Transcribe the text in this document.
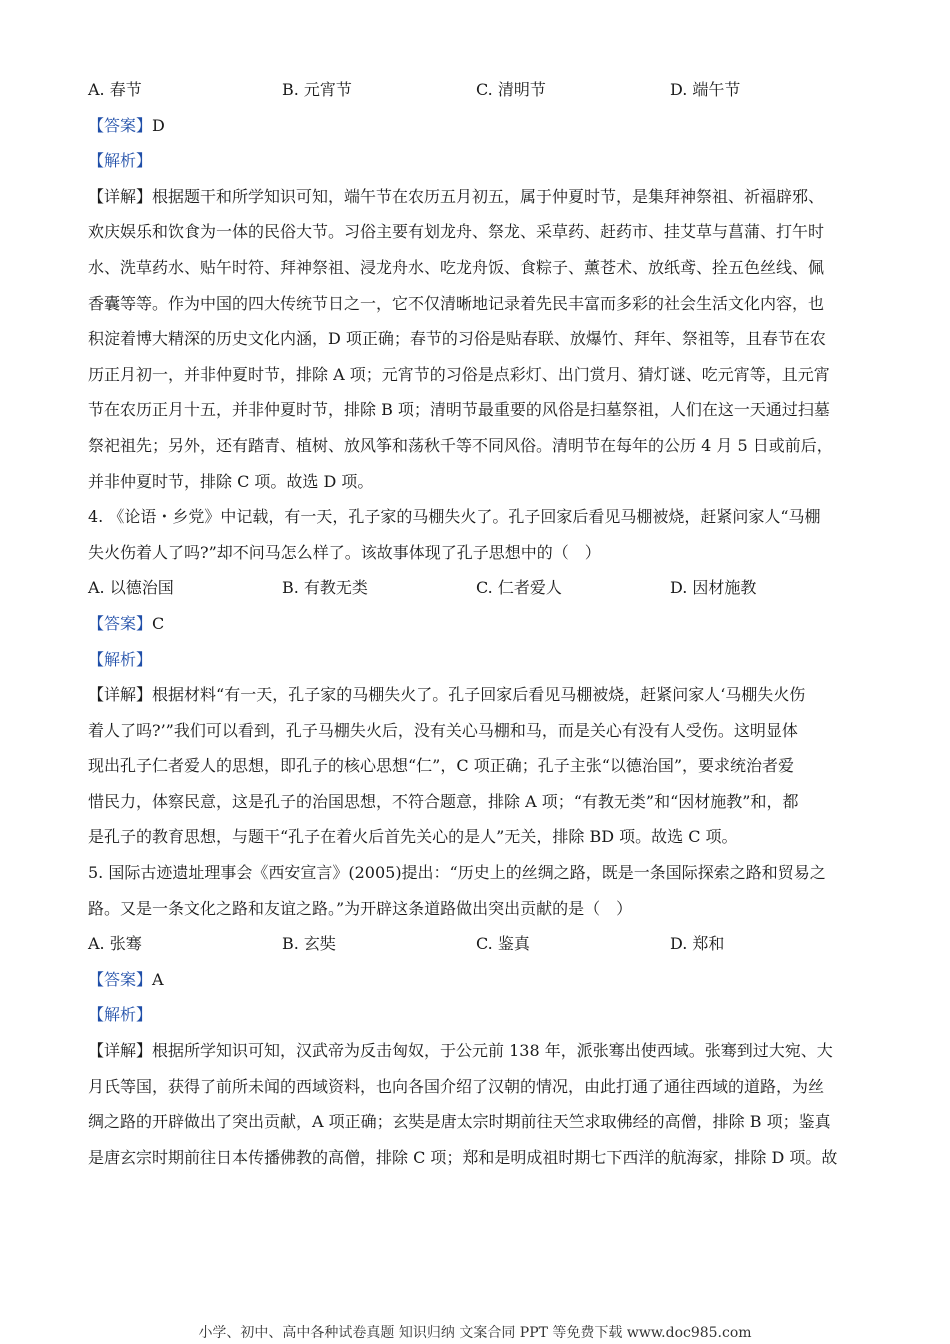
A. 春节	B. 元宵节	C. 清明节	D. 端午节
【答案】D
【解析】
【详解】根据题干和所学知识可知，端午节在农历五月初五，属于仲夏时节，是集拜神祭祖、祈福辟邪、
欢庆娱乐和饮食为一体的民俗大节。习俗主要有划龙舟、祭龙、采草药、赶药市、挂艾草与菖蒲、打午时
水、洗草药水、贴午时符、拜神祭祖、浸龙舟水、吃龙舟饭、食粽子、薰苍术、放纸鸢、拴五色丝线、佩
香囊等等。作为中国的四大传统节日之一，它不仅清晰地记录着先民丰富而多彩的社会生活文化内容，也
积淀着博大精深的历史文化内涵，D 项正确；春节的习俗是贴春联、放爆竹、拜年、祭祖等，且春节在农
历正月初一，并非仲夏时节，排除 A 项；元宵节的习俗是点彩灯、出门赏月、猜灯谜、吃元宵等，且元宵
节在农历正月十五，并非仲夏时节，排除 B 项；清明节最重要的风俗是扫墓祭祖，人们在这一天通过扫墓
祭祀祖先；另外，还有踏青、植树、放风筝和荡秋千等不同风俗。清明节在每年的公历 4 月 5 日或前后，
并非仲夏时节，排除 C 项。故选 D 项。
4. 《论语・乡党》中记载，有一天，孔子家的马棚失火了。孔子回家后看见马棚被烧，赶紧问家人“马棚
失火伤着人了吗?”却不问马怎么样了。该故事体现了孔子思想中的（　）
A. 以德治国	B. 有教无类	C. 仁者爱人	D. 因材施教
【答案】C
【解析】
【详解】根据材料“有一天，孔子家的马棚失火了。孔子回家后看见马棚被烧，赶紧问家人‘马棚失火伤
着人了吗?’”我们可以看到，孔子马棚失火后，没有关心马棚和马，而是关心有没有人受伤。这明显体
现出孔子仁者爱人的思想，即孔子的核心思想“仁”，C 项正确；孔子主张“以德治国”，要求统治者爱
惜民力，体察民意，这是孔子的治国思想，不符合题意，排除 A 项；“有教无类”和“因材施教”和，都
是孔子的教育思想，与题干“孔子在着火后首先关心的是人”无关，排除 BD 项。故选 C 项。
5. 国际古迹遗址理事会《西安宣言》(2005)提出：“历史上的丝绸之路，既是一条国际探索之路和贸易之
路。又是一条文化之路和友谊之路。”为开辟这条道路做出突出贡献的是（　）
A. 张骞	B. 玄奘	C. 鉴真	D. 郑和
【答案】A
【解析】
【详解】根据所学知识可知，汉武帝为反击匈奴，于公元前 138 年，派张骞出使西域。张骞到过大宛、大
月氏等国，获得了前所未闻的西域资料，也向各国介绍了汉朝的情况，由此打通了通往西域的道路，为丝
绸之路的开辟做出了突出贡献，A 项正确；玄奘是唐太宗时期前往天竺求取佛经的高僧，排除 B 项；鉴真
是唐玄宗时期前往日本传播佛教的高僧，排除 C 项；郑和是明成祖时期七下西洋的航海家，排除 D 项。故
小学、初中、高中各种试卷真题 知识归纳 文案合同 PPT 等免费下载 www.doc985.com
